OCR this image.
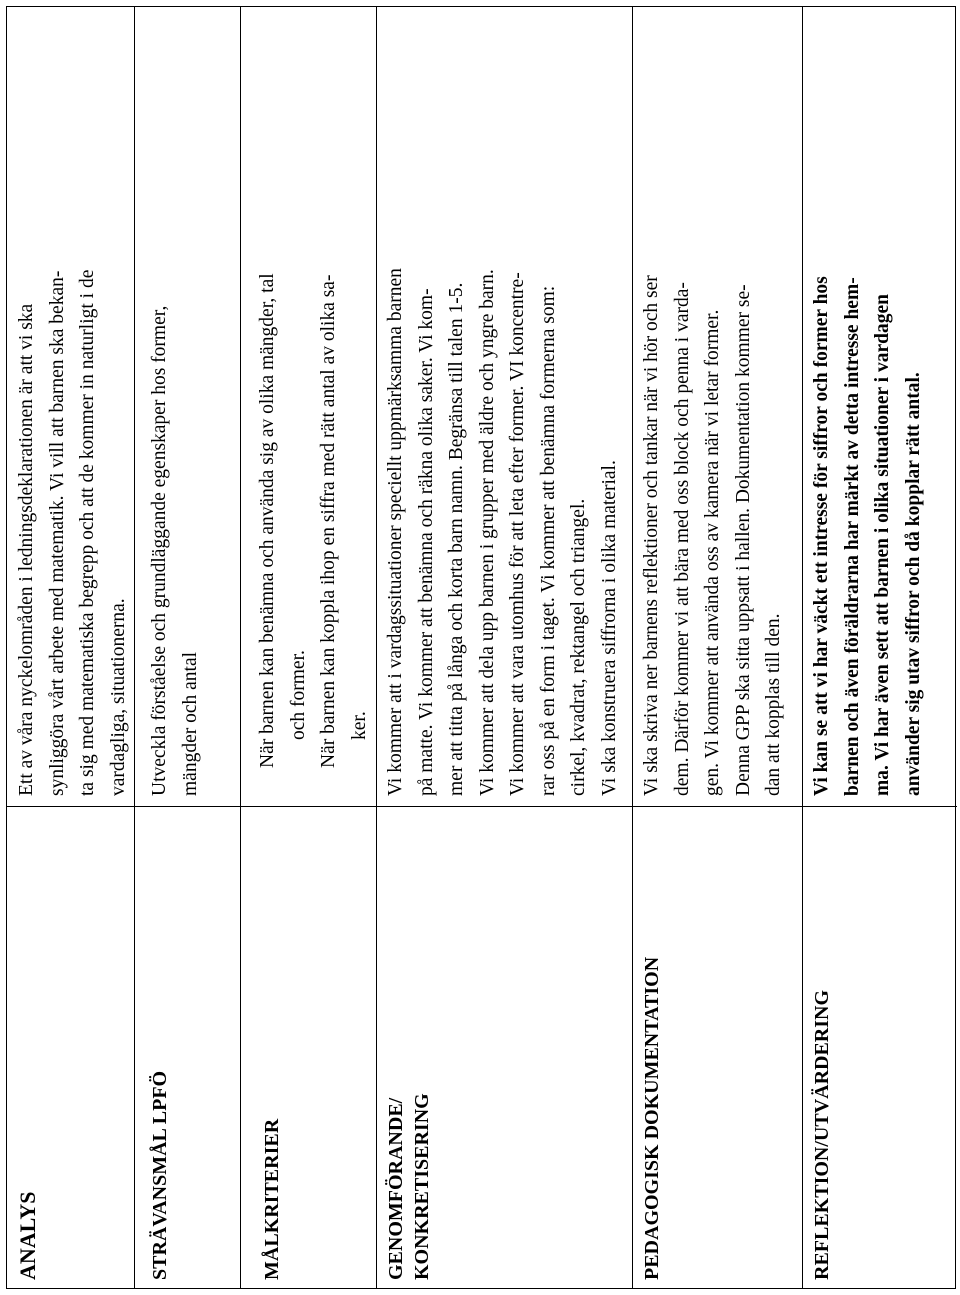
ANALYS

Ett av våra nyckelområden i ledningsdeklarationen är att vi ska synliggöra vårt arbete med matematik. Vi vill att barnen ska bekan- ta sig med matematiska begrepp och att de kommer in naturligt i de vardagliga, situationerna.

STRÄVANSMÅL LPFÖ

Utveckla förståelse och grundläggande egenskaper hos former, mängder och antal

MÅLKRITERIER

När barnen kan benämna och använda sig av olika mängder, tal och former. När barnen kan koppla ihop en siffra med rätt antal av olika sa- ker.

GENOMFÖRANDE/ KONKRETISERING

Vi kommer att i vardagssituationer speciellt uppmärksamma barnen på matte. Vi kommer att benämna och räkna olika saker. Vi kom- mer att titta på långa och korta barn namn. Begränsa till talen 1-5. Vi kommer att dela upp barnen i grupper med äldre och yngre barn. Vi kommer att vara utomhus för att leta efter former. VI koncentre- rar oss på en form i taget. Vi kommer att benämna formerna som: cirkel, kvadrat, rektangel och triangel. Vi ska konstruera siffrorna i olika material.

PEDAGOGISK DOKUMENTATION

Vi ska skriva ner barnens reflektioner och tankar när vi hör och ser dem. Därför kommer vi att bära med oss block och penna i varda- gen. Vi kommer att använda oss av kamera när vi letar former. Denna GPP ska sitta uppsatt i hallen. Dokumentation kommer se- dan att kopplas till den.

REFLEKTION/UTVÄRDERING

Vi kan se att vi har väckt ett intresse för siffror och former hos barnen och även föräldrarna har märkt av detta intresse hem- ma. Vi har även sett att barnen i olika situationer i vardagen använder sig utav siffror och då kopplar rätt antal.
